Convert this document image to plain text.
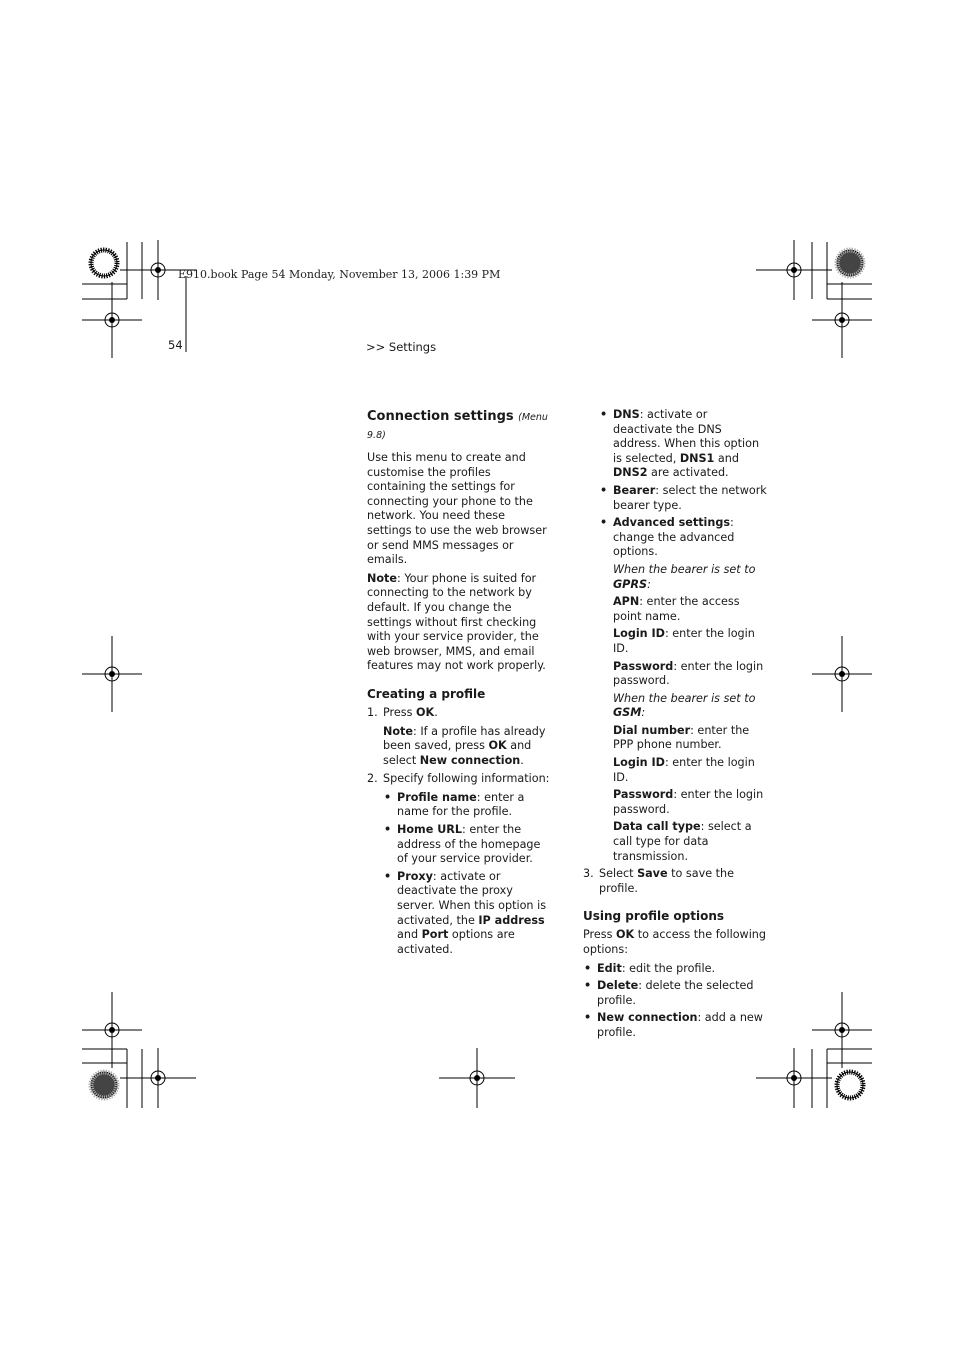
E910.book Page 54 Monday, November 13, 2006 1:39 PM
54	>> Settings
Connection settings (Menu 9.8)

Use this menu to create and customise the profiles containing the settings for connecting your phone to the network. You need these settings to use the web browser or send MMS messages or emails.

Note: Your phone is suited for connecting to the network by default. If you change the settings without first checking with your service provider, the web browser, MMS, and email features may not work properly.

Creating a profile
1. Press OK.
Note: If a profile has already been saved, press OK and select New connection.
2. Specify following information:
• Profile name: enter a name for the profile.
• Home URL: enter the address of the homepage of your service provider.
• Proxy: activate or deactivate the proxy server. When this option is activated, the IP address and Port options are activated.
• DNS: activate or deactivate the DNS address. When this option is selected, DNS1 and DNS2 are activated.
• Bearer: select the network bearer type.
• Advanced settings: change the advanced options.
When the bearer is set to GPRS:
APN: enter the access point name.
Login ID: enter the login ID.
Password: enter the login password.
When the bearer is set to GSM:
Dial number: enter the PPP phone number.
Login ID: enter the login ID.
Password: enter the login password.
Data call type: select a call type for data transmission.
3. Select Save to save the profile.
Using profile options

Press OK to access the following options:

• Edit: edit the profile.
• Delete: delete the selected profile.
• New connection: add a new profile.
